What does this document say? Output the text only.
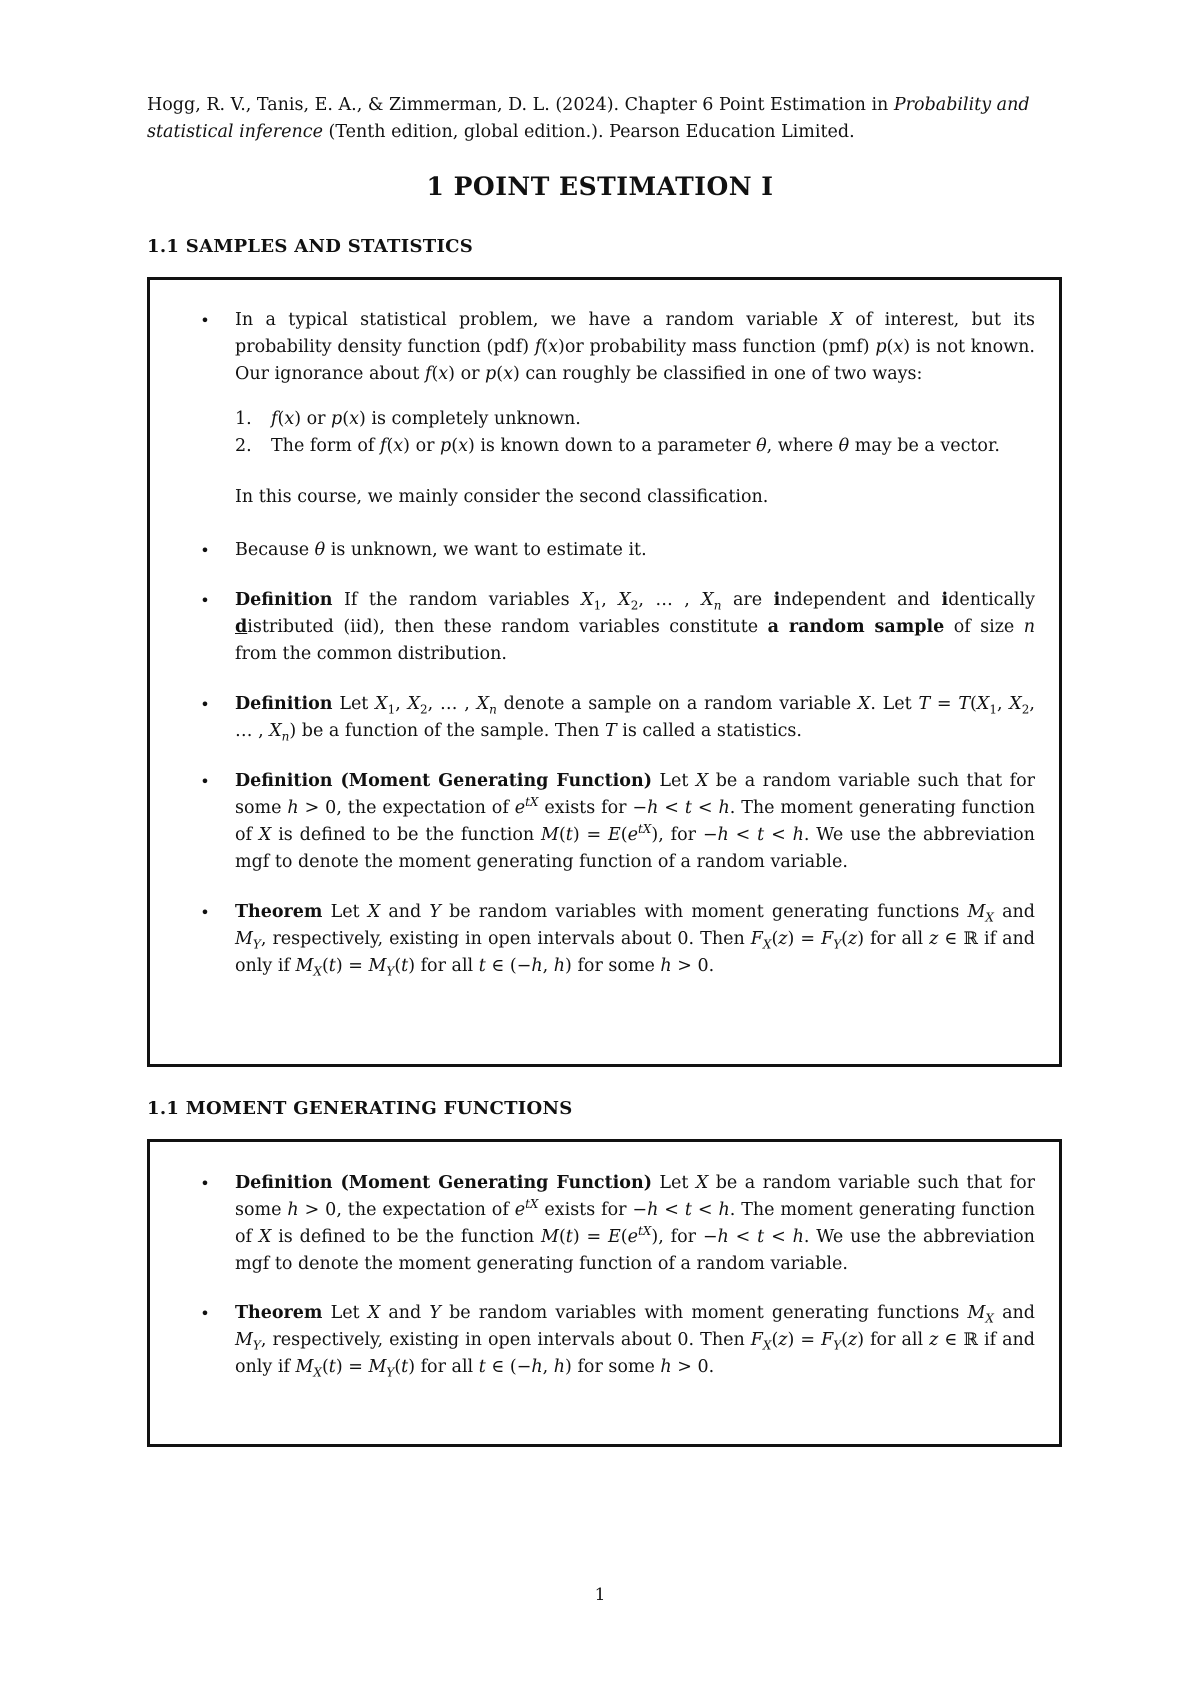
Hogg, R. V., Tanis, E. A., & Zimmerman, D. L. (2024). Chapter 6 Point Estimation in Probability and statistical inference (Tenth edition, global edition.). Pearson Education Limited.
1 POINT ESTIMATION I
1.1 SAMPLES AND STATISTICS
• In a typical statistical problem, we have a random variable X of interest, but its probability density function (pdf) f(x)or probability mass function (pmf) p(x) is not known. Our ignorance about f(x) or p(x) can roughly be classified in one of two ways:
1. f(x) or p(x) is completely unknown.
2. The form of f(x) or p(x) is known down to a parameter θ, where θ may be a vector.
In this course, we mainly consider the second classification.
• Because θ is unknown, we want to estimate it.
• Definition If the random variables $X_1$, $X_2$, … , $X_n$ are independent and identically distributed (iid), then these random variables constitute a random sample of size n from the common distribution.
• Definition Let $X_1$, $X_2$, … , $X_n$ denote a sample on a random variable X. Let $T = T(X_1$, $X_2$, … , $X_n$) be a function of the sample. Then T is called a statistics.
• Definition (Moment Generating Function) Let X be a random variable such that for some h > 0, the expectation of $e^{tX}$ exists for −h < t < h. The moment generating function of X is defined to be the function $M(t) = E(e^{tX})$, for −h < t < h. We use the abbreviation mgf to denote the moment generating function of a random variable.
• Theorem Let X and Y be random variables with moment generating functions $M_X$ and $M_Y$, respectively, existing in open intervals about 0. Then $F_X(z) = F_Y(z)$ for all z ∈ ℝ if and only if $M_X(t) = M_Y(t)$ for all t ∈ (−h, h) for some h > 0.
1.1 MOMENT GENERATING FUNCTIONS
• Definition (Moment Generating Function) Let X be a random variable such that for some h > 0, the expectation of $e^{tX}$ exists for −h < t < h. The moment generating function of X is defined to be the function $M(t) = E(e^{tX})$, for −h < t < h. We use the abbreviation mgf to denote the moment generating function of a random variable.
• Theorem Let X and Y be random variables with moment generating functions $M_X$ and $M_Y$, respectively, existing in open intervals about 0. Then $F_X(z) = F_Y(z)$ for all z ∈ ℝ if and only if $M_X(t) = M_Y(t)$ for all t ∈ (−h, h) for some h > 0.
1
